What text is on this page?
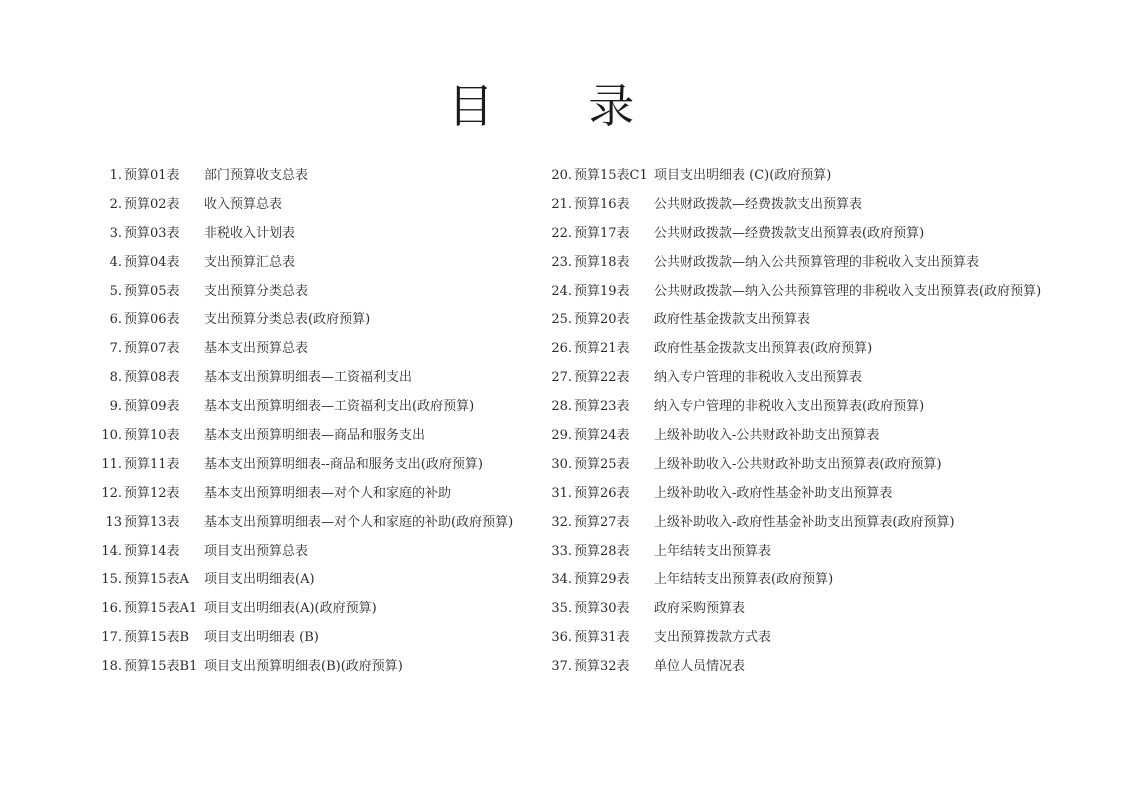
目 录
1. 预算01表	部门预算收支总表
2. 预算02表	收入预算总表
3. 预算03表	非税收入计划表
4. 预算04表	支出预算汇总表
5. 预算05表	支出预算分类总表
6. 预算06表	支出预算分类总表(政府预算)
7. 预算07表	基本支出预算总表
8. 预算08表	基本支出预算明细表—工资福利支出
9. 预算09表	基本支出预算明细表—工资福利支出(政府预算)
10. 预算10表	基本支出预算明细表—商品和服务支出
11. 预算11表	基本支出预算明细表--商品和服务支出(政府预算)
12. 预算12表	基本支出预算明细表—对个人和家庭的补助
13 预算13表	基本支出预算明细表—对个人和家庭的补助(政府预算)
14. 预算14表	项目支出预算总表
15. 预算15表A	项目支出明细表(A)
16. 预算15表A1 项目支出明细表(A)(政府预算)
17. 预算15表B	项目支出明细表 (B)
18. 预算15表B1 项目支出预算明细表(B)(政府预算)
20. 预算15表C1 项目支出明细表 (C)(政府预算)
21. 预算16表	公共财政拨款—经费拨款支出预算表
22. 预算17表	公共财政拨款—经费拨款支出预算表(政府预算)
23. 预算18表	公共财政拨款—纳入公共预算管理的非税收入支出预算表
24. 预算19表	公共财政拨款—纳入公共预算管理的非税收入支出预算表(政府预算)
25. 预算20表	政府性基金拨款支出预算表
26. 预算21表	政府性基金拨款支出预算表(政府预算)
27. 预算22表	纳入专户管理的非税收入支出预算表
28. 预算23表	纳入专户管理的非税收入支出预算表(政府预算)
29. 预算24表	上级补助收入-公共财政补助支出预算表
30. 预算25表	上级补助收入-公共财政补助支出预算表(政府预算)
31. 预算26表	上级补助收入-政府性基金补助支出预算表
32. 预算27表	上级补助收入-政府性基金补助支出预算表(政府预算)
33. 预算28表	上年结转支出预算表
34. 预算29表	上年结转支出预算表(政府预算)
35. 预算30表	政府采购预算表
36. 预算31表	支出预算拨款方式表
37. 预算32表	单位人员情况表
